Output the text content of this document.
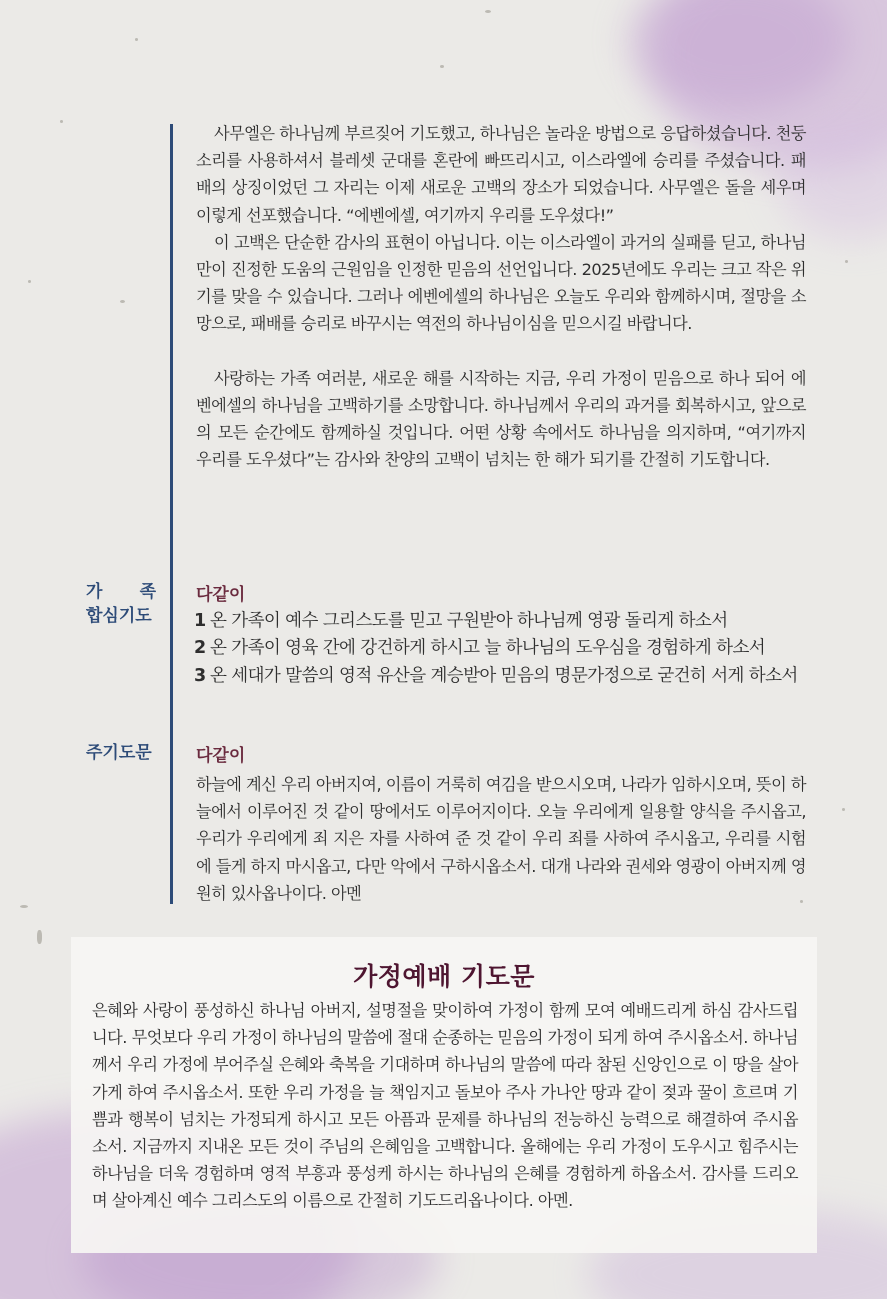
사무엘은 하나님께 부르짖어 기도했고, 하나님은 놀라운 방법으로 응답하셨습니다. 천둥소리를 사용하셔서 블레셋 군대를 혼란에 빠뜨리시고, 이스라엘에 승리를 주셨습니다. 패배의 상징이었던 그 자리는 이제 새로운 고백의 장소가 되었습니다. 사무엘은 돌을 세우며 이렇게 선포했습니다. “에벤에셀, 여기까지 우리를 도우셨다!”

이 고백은 단순한 감사의 표현이 아닙니다. 이는 이스라엘이 과거의 실패를 딛고, 하나님만이 진정한 도움의 근원임을 인정한 믿음의 선언입니다. 2025년에도 우리는 크고 작은 위기를 맞을 수 있습니다. 그러나 에벤에셀의 하나님은 오늘도 우리와 함께하시며, 절망을 소망으로, 패배를 승리로 바꾸시는 역전의 하나님이심을 믿으시길 바랍니다.

사랑하는 가족 여러분, 새로운 해를 시작하는 지금, 우리 가정이 믿음으로 하나 되어 에벤에셀의 하나님을 고백하기를 소망합니다. 하나님께서 우리의 과거를 회복하시고, 앞으로의 모든 순간에도 함께하실 것입니다. 어떤 상황 속에서도 하나님을 의지하며, “여기까지 우리를 도우셨다”는 감사와 찬양의 고백이 넘치는 한 해가 되기를 간절히 기도합니다.

가 족
합심기도
다같이
1 온 가족이 예수 그리스도를 믿고 구원받아 하나님께 영광 돌리게 하소서
2 온 가족이 영육 간에 강건하게 하시고 늘 하나님의 도우심을 경험하게 하소서
3 온 세대가 말씀의 영적 유산을 계승받아 믿음의 명문가정으로 굳건히 서게 하소서
주기도문	다같이
하늘에 계신 우리 아버지여, 이름이 거룩히 여김을 받으시오며, 나라가 임하시오며, 뜻이 하늘에서 이루어진 것 같이 땅에서도 이루어지이다. 오늘 우리에게 일용할 양식을 주시옵고, 우리가 우리에게 죄 지은 자를 사하여 준 것 같이 우리 죄를 사하여 주시옵고, 우리를 시험에 들게 하지 마시옵고, 다만 악에서 구하시옵소서. 대개 나라와 권세와 영광이 아버지께 영원히 있사옵나이다. 아멘
가정예배 기도문
은혜와 사랑이 풍성하신 하나님 아버지, 설명절을 맞이하여 가정이 함께 모여 예배드리게 하심 감사드립니다. 무엇보다 우리 가정이 하나님의 말씀에 절대 순종하는 믿음의 가정이 되게 하여 주시옵소서. 하나님께서 우리 가정에 부어주실 은혜와 축복을 기대하며 하나님의 말씀에 따라 참된 신앙인으로 이 땅을 살아가게 하여 주시옵소서. 또한 우리 가정을 늘 책임지고 돌보아 주사 가나안 땅과 같이 젖과 꿀이 흐르며 기쁨과 행복이 넘치는 가정되게 하시고 모든 아픔과 문제를 하나님의 전능하신 능력으로 해결하여 주시옵소서. 지금까지 지내온 모든 것이 주님의 은혜임을 고백합니다. 올해에는 우리 가정이 도우시고 힘주시는 하나님을 더욱 경험하며 영적 부흥과 풍성케 하시는 하나님의 은혜를 경험하게 하옵소서. 감사를 드리오며 살아계신 예수 그리스도의 이름으로 간절히 기도드리옵나이다. 아멘.
